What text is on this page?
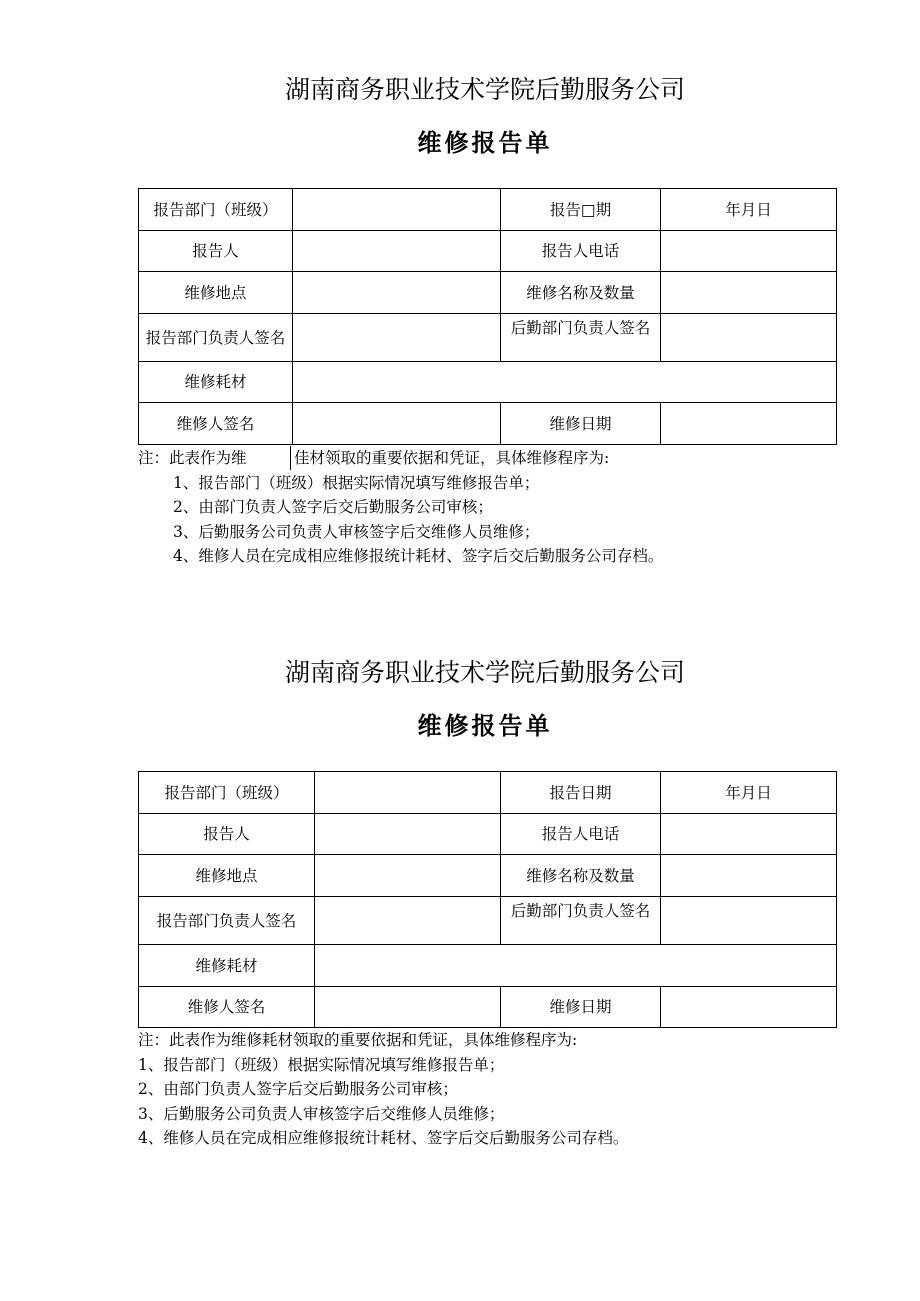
湖南商务职业技术学院后勤服务公司
维修报告单
报告部门（班级）		报告□期	年月日
报告人		报告人电话	
维修地点		维修名称及数量	
报告部门负责人签名		后勤部门负责人签名	
维修耗材			
维修人签名		维修日期	
注：此表作为维	佳材领取的重要依据和凭证，具体维修程序为:
1、报告部门（班级）根据实际情况填写维修报告单；
2、由部门负责人签字后交后勤服务公司审核；
3、后勤服务公司负责人审核签字后交维修人员维修；
4、维修人员在完成相应维修报统计耗材、签字后交后勤服务公司存档。
湖南商务职业技术学院后勤服务公司
维修报告单
报告部门（班级）		报告日期	年月日
报告人		报告人电话	
维修地点		维修名称及数量	
报告部门负责人签名		后勤部门负责人签名	
维修耗材			
维修人签名		维修日期	
注：此表作为维修耗材领取的重要依据和凭证，具体维修程序为:
1、报告部门（班级）根据实际情况填写维修报告单；
2、由部门负责人签字后交后勤服务公司审核；
3、后勤服务公司负责人审核签字后交维修人员维修；
4、维修人员在完成相应维修报统计耗材、签字后交后勤服务公司存档。
